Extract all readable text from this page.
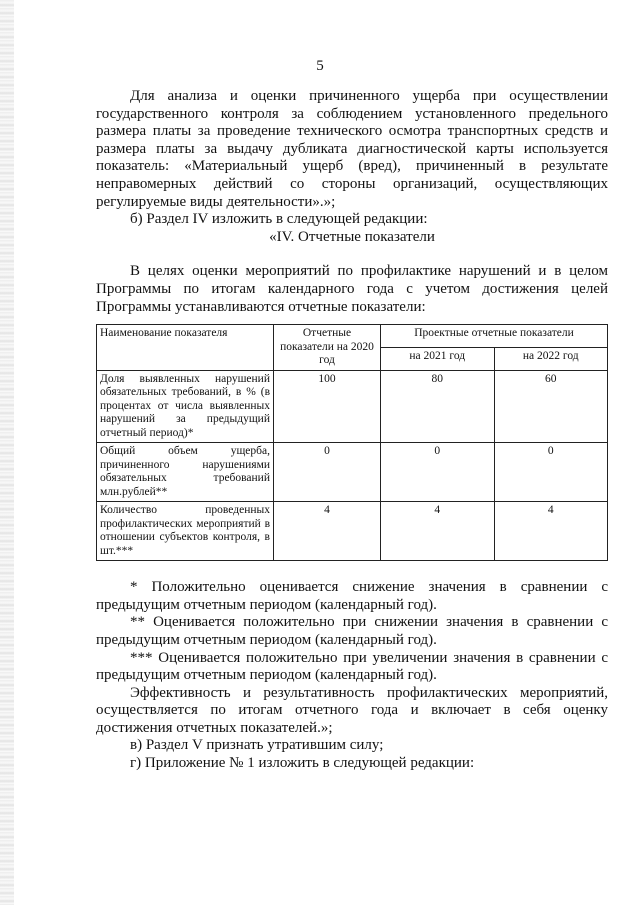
5

Для анализа и оценки причиненного ущерба при осуществлении государственного контроля за соблюдением установленного предельного размера платы за проведение технического осмотра транспортных средств и размера платы за выдачу дубликата диагностической карты используется показатель: «Материальный ущерб (вред), причиненный в результате неправомерных действий со стороны организаций, осуществляющих регулируемые виды деятельности».»;

б) Раздел IV изложить в следующей редакции:

«IV. Отчетные показатели

В целях оценки мероприятий по профилактике нарушений и в целом Программы по итогам календарного года с учетом достижения целей Программы устанавливаются отчетные показатели:

Наименование показателя	Отчетные показатели на 2020 год	Проектные отчетные показатели	
		на 2021 год	на 2022 год
Доля выявленных нарушений обязательных требований, в % (в процентах от числа выявленных нарушений за предыдущий отчетный период)*	100	80	60
Общий объем ущерба, причиненного нарушениями обязательных требований млн.рублей**	0	0	0
Количество проведенных профилактических мероприятий в отношении субъектов контроля, в шт.***	4	4	4

* Положительно оценивается снижение значения в сравнении с предыдущим отчетным периодом (календарный год).

** Оценивается положительно при снижении значения в сравнении с предыдущим отчетным периодом (календарный год).

*** Оценивается положительно при увеличении значения в сравнении с предыдущим отчетным периодом (календарный год).

Эффективность и результативность профилактических мероприятий, осуществляется по итогам отчетного года и включает в себя оценку достижения отчетных показателей.»;

в) Раздел V признать утратившим силу;

г) Приложение № 1 изложить в следующей редакции:
